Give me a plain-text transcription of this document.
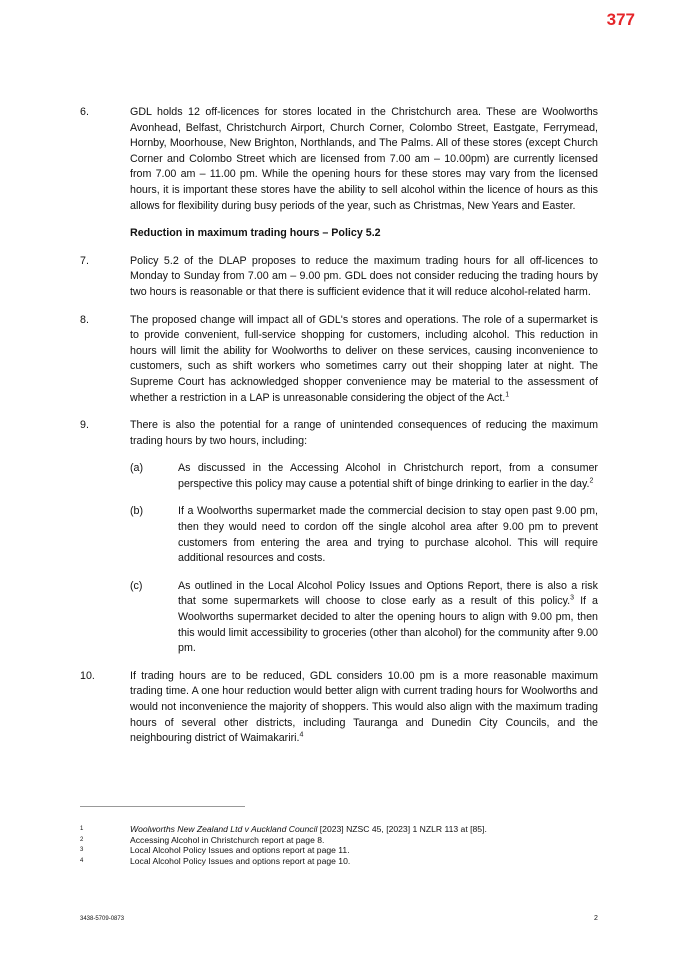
377
6.	GDL holds 12 off-licences for stores located in the Christchurch area. These are Woolworths Avonhead, Belfast, Christchurch Airport, Church Corner, Colombo Street, Eastgate, Ferrymead, Hornby, Moorhouse, New Brighton, Northlands, and The Palms. All of these stores (except Church Corner and Colombo Street which are licensed from 7.00 am – 10.00pm) are currently licensed from 7.00 am – 11.00 pm. While the opening hours for these stores may vary from the licensed hours, it is important these stores have the ability to sell alcohol within the licence of hours as this allows for flexibility during busy periods of the year, such as Christmas, New Years and Easter.
Reduction in maximum trading hours – Policy 5.2
7.	Policy 5.2 of the DLAP proposes to reduce the maximum trading hours for all off-licences to Monday to Sunday from 7.00 am – 9.00 pm. GDL does not consider reducing the trading hours by two hours is reasonable or that there is sufficient evidence that it will reduce alcohol-related harm.
8.	The proposed change will impact all of GDL's stores and operations. The role of a supermarket is to provide convenient, full-service shopping for customers, including alcohol. This reduction in hours will limit the ability for Woolworths to deliver on these services, causing inconvenience to customers, such as shift workers who sometimes carry out their shopping later at night. The Supreme Court has acknowledged shopper convenience may be material to the assessment of whether a restriction in a LAP is unreasonable considering the object of the Act.$^1$
9.	There is also the potential for a range of unintended consequences of reducing the maximum trading hours by two hours, including:
(a)	As discussed in the Accessing Alcohol in Christchurch report, from a consumer perspective this policy may cause a potential shift of binge drinking to earlier in the day.$^2$
(b)	If a Woolworths supermarket made the commercial decision to stay open past 9.00 pm, then they would need to cordon off the single alcohol area after 9.00 pm to prevent customers from entering the area and trying to purchase alcohol. This will require additional resources and costs.
(c)	As outlined in the Local Alcohol Policy Issues and Options Report, there is also a risk that some supermarkets will choose to close early as a result of this policy.$^3$ If a Woolworths supermarket decided to alter the opening hours to align with 9.00 pm, then this would limit accessibility to groceries (other than alcohol) for the community after 9.00 pm.
10.	If trading hours are to be reduced, GDL considers 10.00 pm is a more reasonable maximum trading time. A one hour reduction would better align with current trading hours for Woolworths and would not inconvenience the majority of shoppers. This would also align with the maximum trading hours of several other districts, including Tauranga and Dunedin City Councils, and the neighbouring district of Waimakariri.$^4$
1	Woolworths New Zealand Ltd v Auckland Council [2023] NZSC 45, [2023] 1 NZLR 113 at [85].
2	Accessing Alcohol in Christchurch report at page 8.
3	Local Alcohol Policy Issues and options report at page 11.
4	Local Alcohol Policy Issues and options report at page 10.
3438-5709-0873	2
